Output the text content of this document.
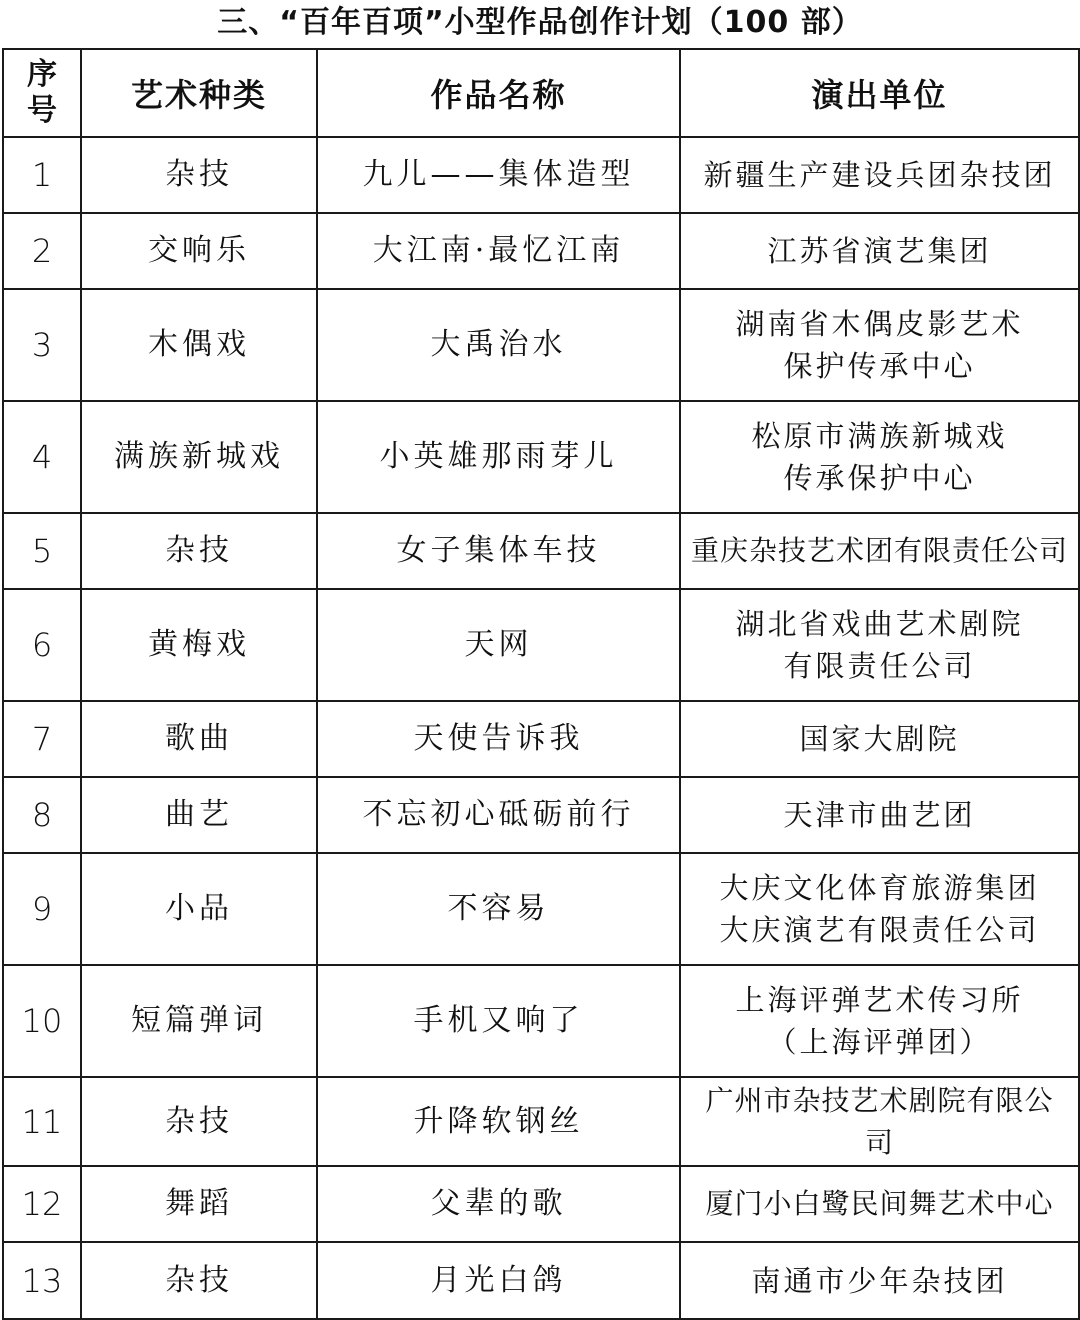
三、“百年百项”小型作品创作计划（100 部）
序
号	艺术种类	作品名称	演出单位
1	杂技	九儿——集体造型	新疆生产建设兵团杂技团

2	交响乐	大江南·最忆江南	江苏省演艺集团

3	木偶戏	大禹治水	湖南省木偶皮影艺术
保护传承中心

4	满族新城戏	小英雄那雨芽儿	松原市满族新城戏
传承保护中心

5	杂技	女子集体车技	重庆杂技艺术团有限责任公司

6	黄梅戏	天网	湖北省戏曲艺术剧院
有限责任公司

7	歌曲	天使告诉我	国家大剧院

8	曲艺	不忘初心砥砺前行	天津市曲艺团

9	小品	不容易	大庆文化体育旅游集团
大庆演艺有限责任公司

10	短篇弹词	手机又响了	上海评弹艺术传习所
（上海评弹团）

11	杂技	升降软钢丝	广州市杂技艺术剧院有限公
司

12	舞蹈	父辈的歌	厦门小白鹭民间舞艺术中心

13	杂技	月光白鸽	南通市少年杂技团
